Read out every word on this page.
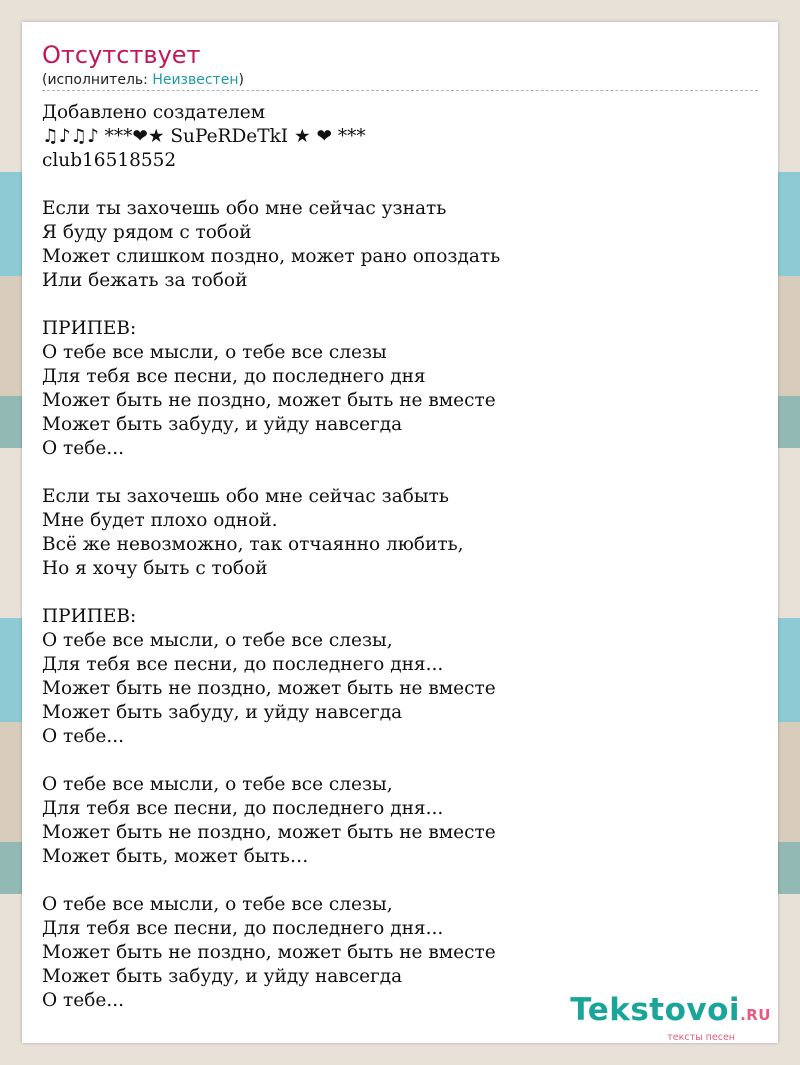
Отсутствует
(исполнитель: Неизвестен)
Добавлено создателем
♫♪♫♪ ***❤★ SuPeRDeTkI ★ ❤ ***
club16518552
Если ты захочешь обо мне сейчас узнать
Я буду рядом с тобой
Может слишком поздно, может рано опоздать
Или бежать за тобой
ПРИПЕВ:
О тебе все мысли, о тебе все слезы
Для тебя все песни, до последнего дня
Может быть не поздно, может быть не вместе
Может быть забуду, и уйду навсегда
О тебе...
Если ты захочешь обо мне сейчас забыть
Мне будет плохо одной.
Всё же невозможно, так отчаянно любить,
Но я хочу быть с тобой
ПРИПЕВ:
О тебе все мысли, о тебе все слезы,
Для тебя все песни, до последнего дня...
Может быть не поздно, может быть не вместе
Может быть забуду, и уйду навсегда
О тебе...
О тебе все мысли, о тебе все слезы,
Для тебя все песни, до последнего дня...
Может быть не поздно, может быть не вместе
Может быть, может быть…
О тебе все мысли, о тебе все слезы,
Для тебя все песни, до последнего дня...
Может быть не поздно, может быть не вместе
Может быть забуду, и уйду навсегда
О тебе...	Tekstovoi.RU
тексты песен
